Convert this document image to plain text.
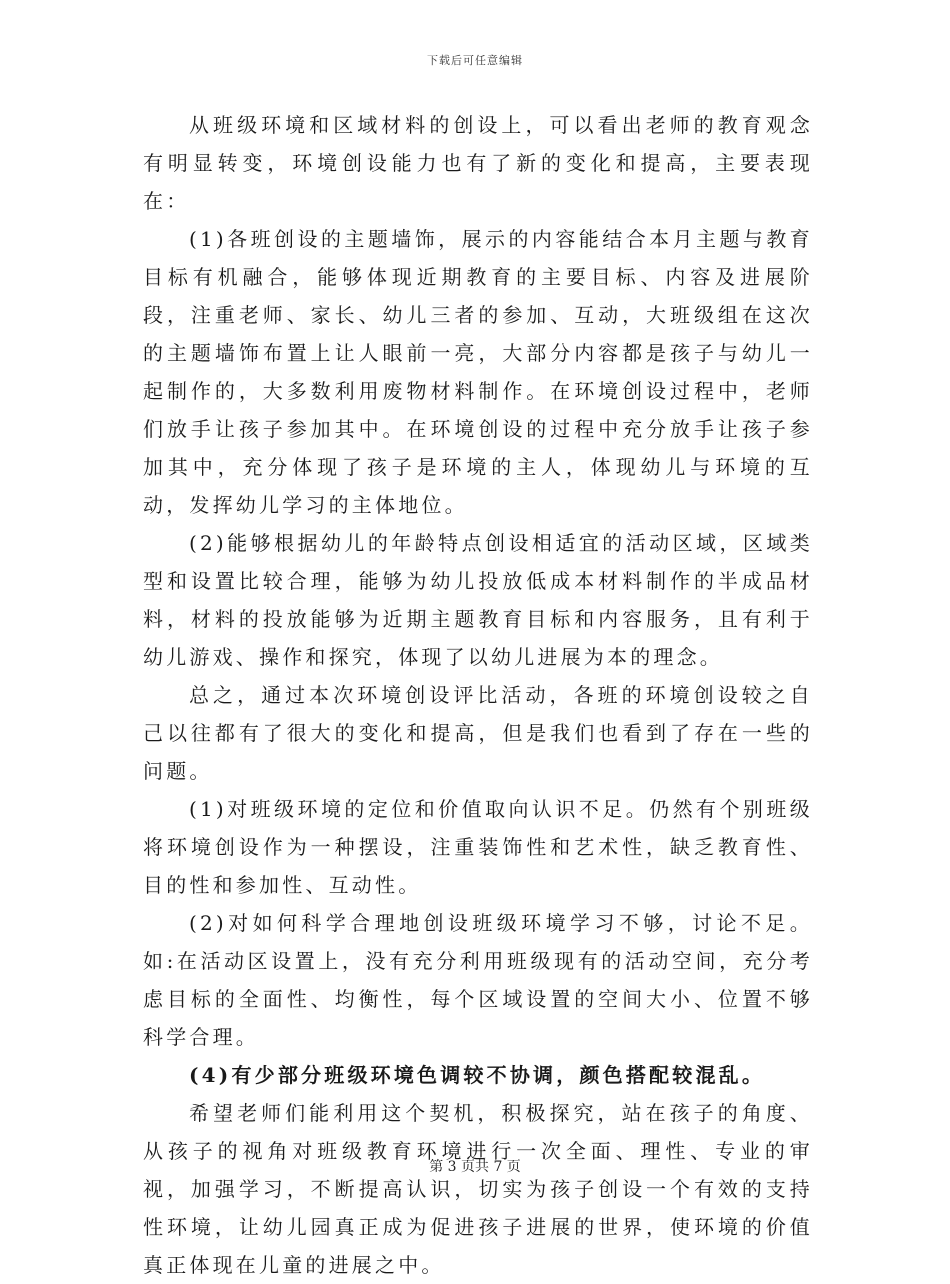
下载后可任意编辑

从班级环境和区域材料的创设上，可以看出老师的教育观念有明显转变，环境创设能力也有了新的变化和提高，主要表现在：

(1)各班创设的主题墙饰，展示的内容能结合本月主题与教育目标有机融合，能够体现近期教育的主要目标、内容及进展阶段，注重老师、家长、幼儿三者的参加、互动，大班级组在这次的主题墙饰布置上让人眼前一亮，大部分内容都是孩子与幼儿一起制作的，大多数利用废物材料制作。在环境创设过程中，老师们放手让孩子参加其中。在环境创设的过程中充分放手让孩子参加其中，充分体现了孩子是环境的主人，体现幼儿与环境的互动，发挥幼儿学习的主体地位。

(2)能够根据幼儿的年龄特点创设相适宜的活动区域，区域类型和设置比较合理，能够为幼儿投放低成本材料制作的半成品材料，材料的投放能够为近期主题教育目标和内容服务，且有利于幼儿游戏、操作和探究，体现了以幼儿进展为本的理念。

总之，通过本次环境创设评比活动，各班的环境创设较之自己以往都有了很大的变化和提高，但是我们也看到了存在一些的问题。

(1)对班级环境的定位和价值取向认识不足。仍然有个别班级将环境创设作为一种摆设，注重装饰性和艺术性，缺乏教育性、目的性和参加性、互动性。

(2)对如何科学合理地创设班级环境学习不够，讨论不足。如:在活动区设置上，没有充分利用班级现有的活动空间，充分考虑目标的全面性、均衡性，每个区域设置的空间大小、位置不够科学合理。

(4)有少部分班级环境色调较不协调，颜色搭配较混乱。

希望老师们能利用这个契机，积极探究，站在孩子的角度、从孩子的视角对班级教育环境进行一次全面、理性、专业的审视，加强学习，不断提高认识，切实为孩子创设一个有效的支持性环境，让幼儿园真正成为促进孩子进展的世界，使环境的价值真正体现在儿童的进展之中。

第 3 页共 7 页
